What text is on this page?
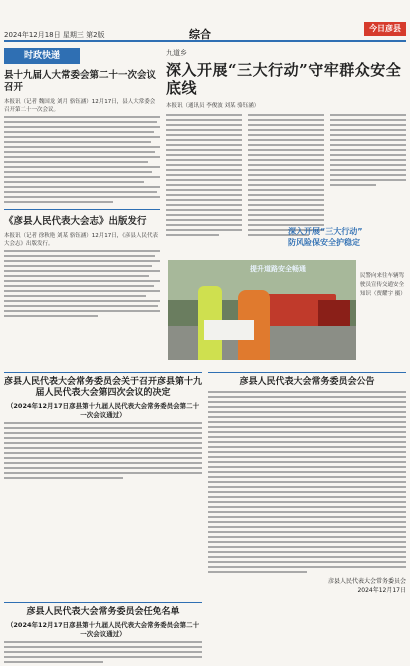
2024年12月18日 星期三 第2版	综合	今日彦县
时政快递
县十九届人大常委会第二十一次会议召开
本报讯（记者 魏国龙 刘月 骆钰涵）12月17日，县人大常委会召开第二十一次会议。
《彦县人民代表大会志》出版发行
本报讯（记者 徐秋艳 刘某 骆钰涵）12月17日，《彦县人民代表大会志》出版发行。
九道乡
深入开展“三大行动”守牢群众安全底线
本报讯（通讯员 李俊波 刘某 骆钰涵）
深入开展“三大行动”
防风险保安全护稳定
提升道路安全畅通
民警向来往车辆驾驶员宣传交通安全知识（贾耀宇 摄）
彦县人民代表大会常务委员会关于召开彦县第十九届人民代表大会第四次会议的决定
（2024年12月17日彦县第十九届人民代表大会常务委员会第二十一次会议通过）
彦县人民代表大会常务委员会公告
彦县人民代表大会常务委员会
2024年12月17日
彦县人民代表大会常务委员会任免名单
（2024年12月17日彦县第十九届人民代表大会常务委员会第二十一次会议通过）
